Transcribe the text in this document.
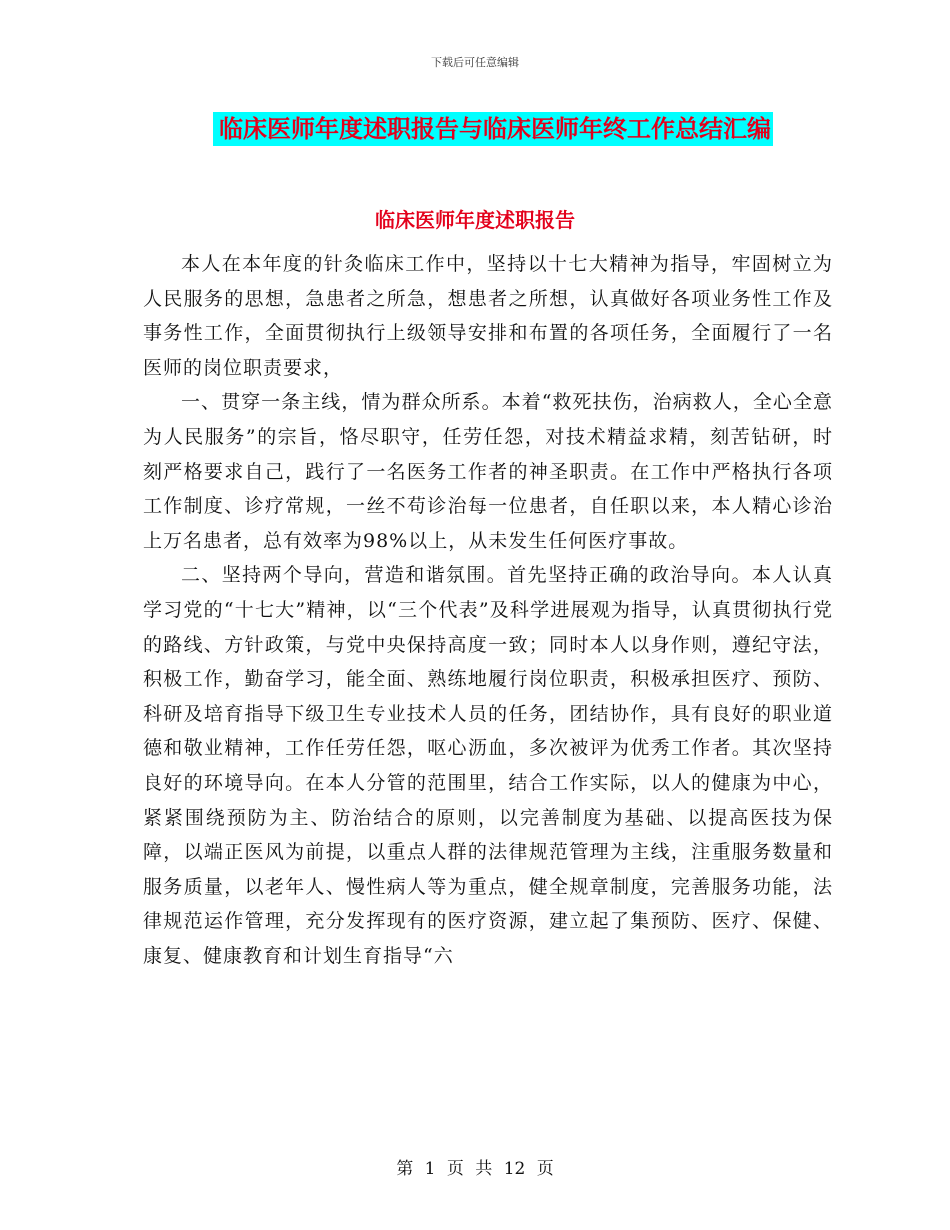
下载后可任意编辑
临床医师年度述职报告与临床医师年终工作总结汇编
临床医师年度述职报告

本人在本年度的针灸临床工作中，坚持以十七大精神为指导，牢固树立为人民服务的思想，急患者之所急，想患者之所想，认真做好各项业务性工作及事务性工作，全面贯彻执行上级领导安排和布置的各项任务，全面履行了一名医师的岗位职责要求，

一、贯穿一条主线，情为群众所系。本着“救死扶伤，治病救人，全心全意为人民服务”的宗旨，恪尽职守，任劳任怨，对技术精益求精，刻苦钻研，时刻严格要求自己，践行了一名医务工作者的神圣职责。在工作中严格执行各项工作制度、诊疗常规，一丝不苟诊治每一位患者，自任职以来，本人精心诊治上万名患者，总有效率为98%以上，从未发生任何医疗事故。

二、坚持两个导向，营造和谐氛围。首先坚持正确的政治导向。本人认真学习党的“十七大”精神，以“三个代表”及科学进展观为指导，认真贯彻执行党的路线、方针政策，与党中央保持高度一致；同时本人以身作则，遵纪守法，积极工作，勤奋学习，能全面、熟练地履行岗位职责，积极承担医疗、预防、科研及培育指导下级卫生专业技术人员的任务，团结协作，具有良好的职业道德和敬业精神，工作任劳任怨，呕心沥血，多次被评为优秀工作者。其次坚持良好的环境导向。在本人分管的范围里，结合工作实际，以人的健康为中心，紧紧围绕预防为主、防治结合的原则，以完善制度为基础、以提高医技为保障，以端正医风为前提，以重点人群的法律规范管理为主线，注重服务数量和服务质量，以老年人、慢性病人等为重点，健全规章制度，完善服务功能，法律规范运作管理，充分发挥现有的医疗资源，建立起了集预防、医疗、保健、康复、健康教育和计划生育指导“六

第 1 页 共 12 页
